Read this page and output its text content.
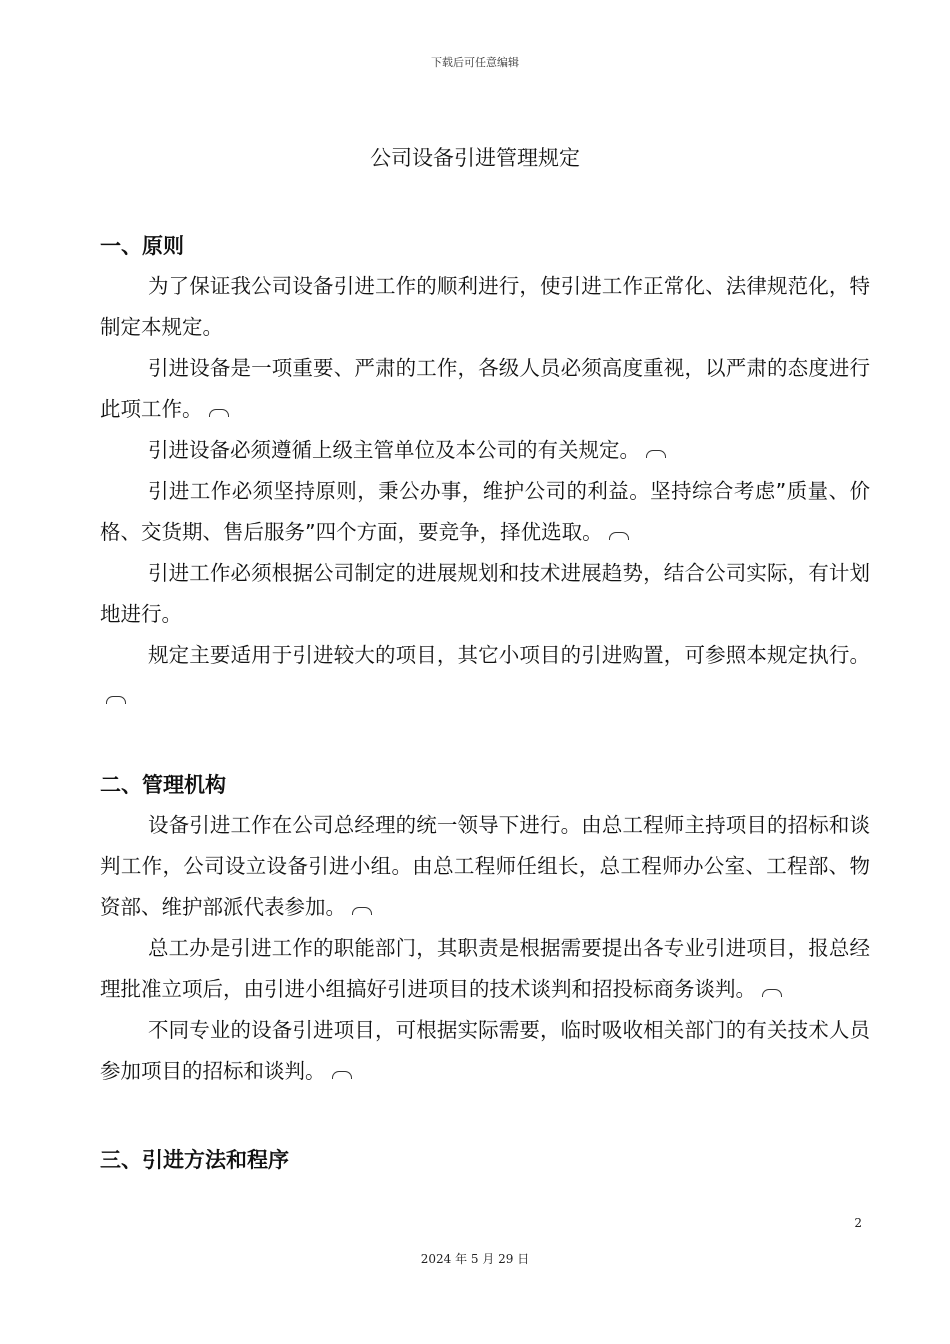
下载后可任意编辑
公司设备引进管理规定
一、原则

为了保证我公司设备引进工作的顺利进行，使引进工作正常化、法律规范化，特制定本规定。

引进设备是一项重要、严肃的工作，各级人员必须高度重视，以严肃的态度进行此项工作。

引进设备必须遵循上级主管单位及本公司的有关规定。

引进工作必须坚持原则，秉公办事，维护公司的利益。坚持综合考虑”质量、价格、交货期、售后服务”四个方面，要竞争，择优选取。

引进工作必须根据公司制定的进展规划和技术进展趋势，结合公司实际，有计划地进行。

规定主要适用于引进较大的项目，其它小项目的引进购置，可参照本规定执行。

二、管理机构

设备引进工作在公司总经理的统一领导下进行。由总工程师主持项目的招标和谈判工作，公司设立设备引进小组。由总工程师任组长，总工程师办公室、工程部、物资部、维护部派代表参加。

总工办是引进工作的职能部门，其职责是根据需要提出各专业引进项目，报总经理批准立项后，由引进小组搞好引进项目的技术谈判和招投标商务谈判。

不同专业的设备引进项目，可根据实际需要，临时吸收相关部门的有关技术人员参加项目的招标和谈判。

三、引进方法和程序
2
2024 年 5 月 29 日
